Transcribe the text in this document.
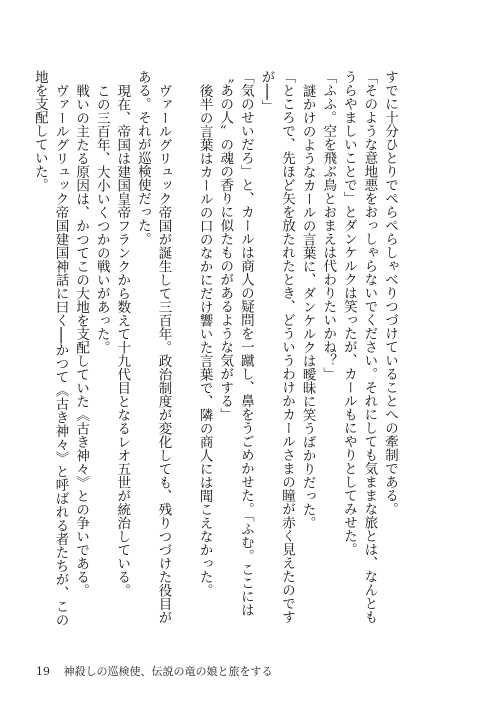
すでに十分ひとりでぺらぺらしゃべりつづけていることへの牽制である。

「そのような意地悪をおっしゃらないでください。それにしても気ままな旅とは、なんともうらやましいことで」とダンケルクは笑ったが、カールもにやりとしてみせた。

「ふふ。空を飛ぶ鳥とおまえは代わりたいかね？」

謎かけのようなカールの言葉に、ダンケルクは曖昧に笑うばかりだった。

「ところで、先ほど矢を放たれたとき、どういうわけかカールさまの瞳が赤く見えたのですが──」

「気のせいだろ」と、カールは商人の疑問を一蹴し、鼻をうごめかせた。「ふむ。ここには〝あの人〟の魂の香りに似たものがあるような気がする」

後半の言葉はカールの口のなかにだけ響いた言葉で、隣の商人には聞こえなかった。

ヴァールグリュック帝国が誕生して三百年。政治制度が変化しても、残りつづけた役目がある。それが巡検使だった。

現在、帝国は建国皇帝フランクから数えて十九代目となるレオ五世が統治している。

この三百年、大小いくつかの戦いがあった。

戦いの主たる原因は、かつてこの大地を支配していた《古き神々》との争いである。

ヴァールグリュック帝国建国神話に曰く──かつて《古き神々》と呼ばれる者たちが、この地を支配していた。

19 神殺しの巡検使、伝説の竜の娘と旅をする
